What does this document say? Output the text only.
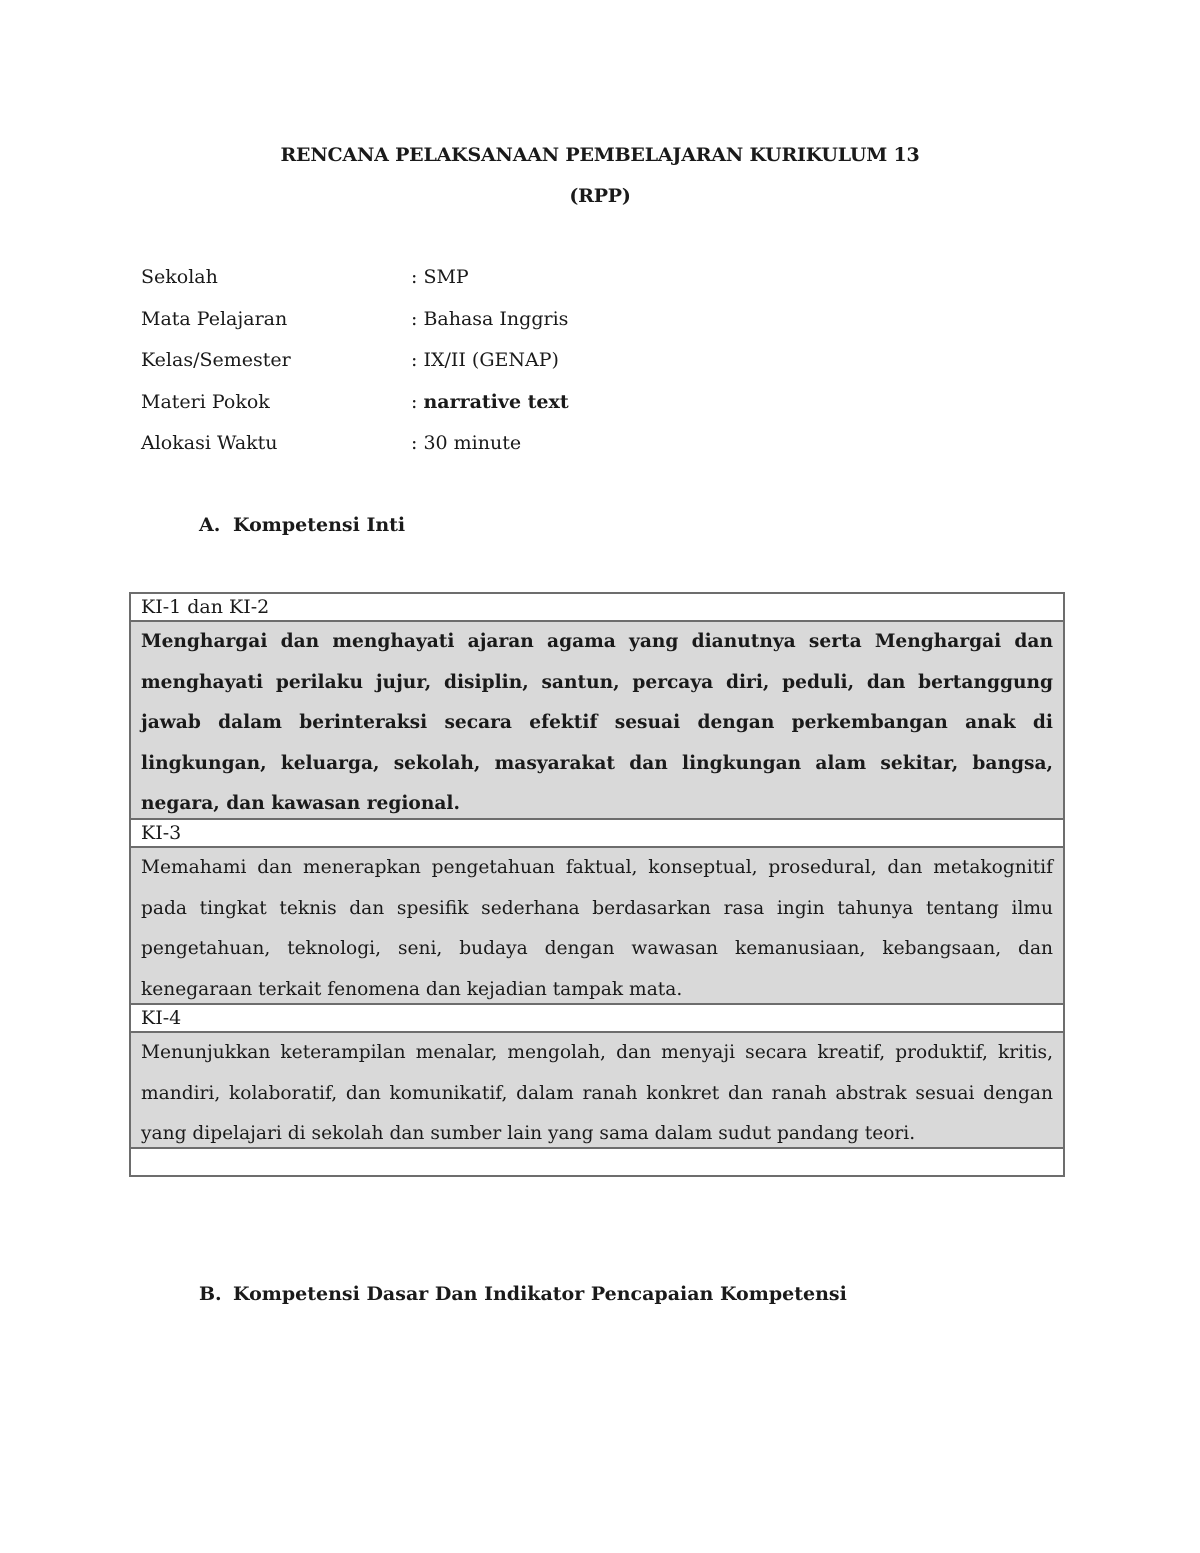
RENCANA PELAKSANAAN PEMBELAJARAN KURIKULUM 13
(RPP)
Sekolah	: SMP
Mata Pelajaran	: Bahasa Inggris
Kelas/Semester	: IX/II (GENAP)
Materi Pokok	: narrative text
Alokasi Waktu	: 30 minute
A. Kompetensi Inti
KI-1 dan KI-2
Menghargai dan menghayati ajaran agama yang dianutnya serta Menghargai dan menghayati perilaku jujur, disiplin, santun, percaya diri, peduli, dan bertanggung jawab dalam berinteraksi secara efektif sesuai dengan perkembangan anak di lingkungan, keluarga, sekolah, masyarakat dan lingkungan alam sekitar, bangsa, negara, dan kawasan regional.
KI-3
Memahami dan menerapkan pengetahuan faktual, konseptual, prosedural, dan metakognitif pada tingkat teknis dan spesifik sederhana berdasarkan rasa ingin tahunya tentang ilmu pengetahuan, teknologi, seni, budaya dengan wawasan kemanusiaan, kebangsaan, dan kenegaraan terkait fenomena dan kejadian tampak mata.
KI-4
Menunjukkan keterampilan menalar, mengolah, dan menyaji secara kreatif, produktif, kritis, mandiri, kolaboratif, dan komunikatif, dalam ranah konkret dan ranah abstrak sesuai dengan yang dipelajari di sekolah dan sumber lain yang sama dalam sudut pandang teori.
B. Kompetensi Dasar Dan Indikator Pencapaian Kompetensi
